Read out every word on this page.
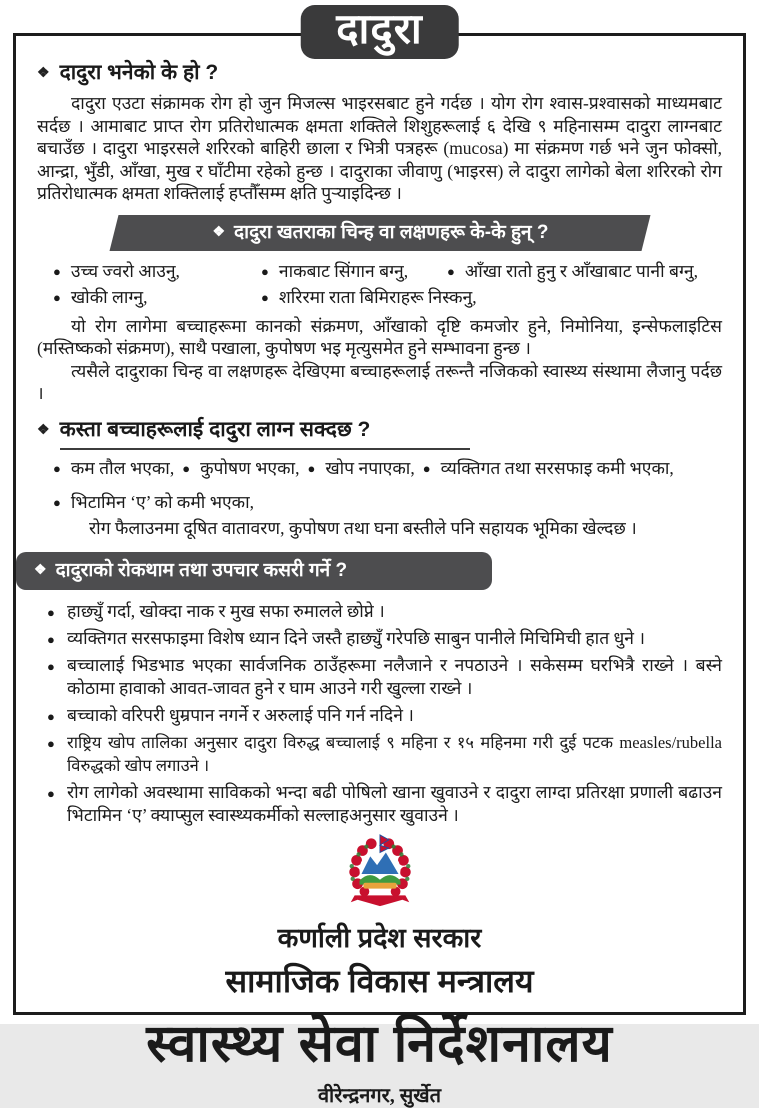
दादुरा
❖ दादुरा भनेको के हो ?

दादुरा एउटा संक्रामक रोग हो जुन मिजल्स भाइरसबाट हुने गर्दछ । योग रोग श्वास-प्रश्वासको माध्यमबाट सर्दछ । आमाबाट प्राप्त रोग प्रतिरोधात्मक क्षमता शक्तिले शिशुहरूलाई ६ देखि ९ महिनासम्म दादुरा लाग्नबाट बचाउँछ । दादुरा भाइरसले शरिरको बाहिरी छाला र भित्री पत्रहरू (mucosa) मा संक्रमण गर्छ भने जुन फोक्सो, आन्द्रा, भुँडी, आँखा, मुख र घाँटीमा रहेको हुन्छ । दादुराका जीवाणु (भाइरस) ले दादुरा लागेको बेला शरिरको रोग प्रतिरोधात्मक क्षमता शक्तिलाई हप्तौँसम्म क्षति पुर्‍याइदिन्छ ।

❖ दादुरा खतराका चिन्ह वा लक्षणहरू के-के हुन् ?
● उच्च ज्वरो आउनु,	● नाकबाट सिंगान बग्नु,	● आँखा रातो हुनु र आँखाबाट पानी बग्नु,
● खोकी लाग्नु,	● शरिरमा राता बिमिराहरू निस्कनु,

यो रोग लागेमा बच्चाहरूमा कानको संक्रमण, आँखाको दृष्टि कमजोर हुने, निमोनिया, इन्सेफलाइटिस (मस्तिष्कको संक्रमण), साथै पखाला, कुपोषण भइ मृत्युसमेत हुने सम्भावना हुन्छ ।

त्यसैले दादुराका चिन्ह वा लक्षणहरू देखिएमा बच्चाहरूलाई तरून्तै नजिकको स्वास्थ्य संस्थामा लैजानु पर्दछ ।

❖ कस्ता बच्चाहरूलाई दादुरा लाग्न सक्दछ ?
● कम तौल भएका, ● कुपोषण भएका, ● खोप नपाएका, ● व्यक्तिगत तथा सरसफाइ कमी भएका,
● भिटामिन ‘ए’ को कमी भएका,

रोग फैलाउनमा दूषित वातावरण, कुपोषण तथा घना बस्तीले पनि सहायक भूमिका खेल्दछ ।

❖ दादुराको रोकथाम तथा उपचार कसरी गर्ने ?
● हाछ्युँ गर्दा, खोक्दा नाक र मुख सफा रुमालले छोप्ने ।
● व्यक्तिगत सरसफाइमा विशेष ध्यान दिने जस्तै हाछ्युँ गरेपछि साबुन पानीले मिचिमिची हात धुने ।
● बच्चालाई भिडभाड भएका सार्वजनिक ठाउँहरूमा नलैजाने र नपठाउने । सकेसम्म घरभित्रै राख्ने । बस्ने कोठामा हावाको आवत-जावत हुने र घाम आउने गरी खुल्ला राख्ने ।
● बच्चाको वरिपरी धुम्रपान नगर्ने र अरुलाई पनि गर्न नदिने ।
● राष्ट्रिय खोप तालिका अनुसार दादुरा विरुद्ध बच्चालाई ९ महिना र १५ महिनमा गरी दुई पटक measles/rubella विरुद्धको खोप लगाउने ।
● रोग लागेको अवस्थामा साविकको भन्दा बढी पोषिलो खाना खुवाउने र दादुरा लाग्दा प्रतिरक्षा प्रणाली बढाउन भिटामिन ‘ए’ क्याप्सुल स्वास्थ्यकर्मीको सल्लाहअनुसार खुवाउने ।
कर्णाली प्रदेश सरकार
सामाजिक विकास मन्त्रालय
स्वास्थ्य सेवा निर्देशनालय
वीरेन्द्रनगर, सुर्खेत
